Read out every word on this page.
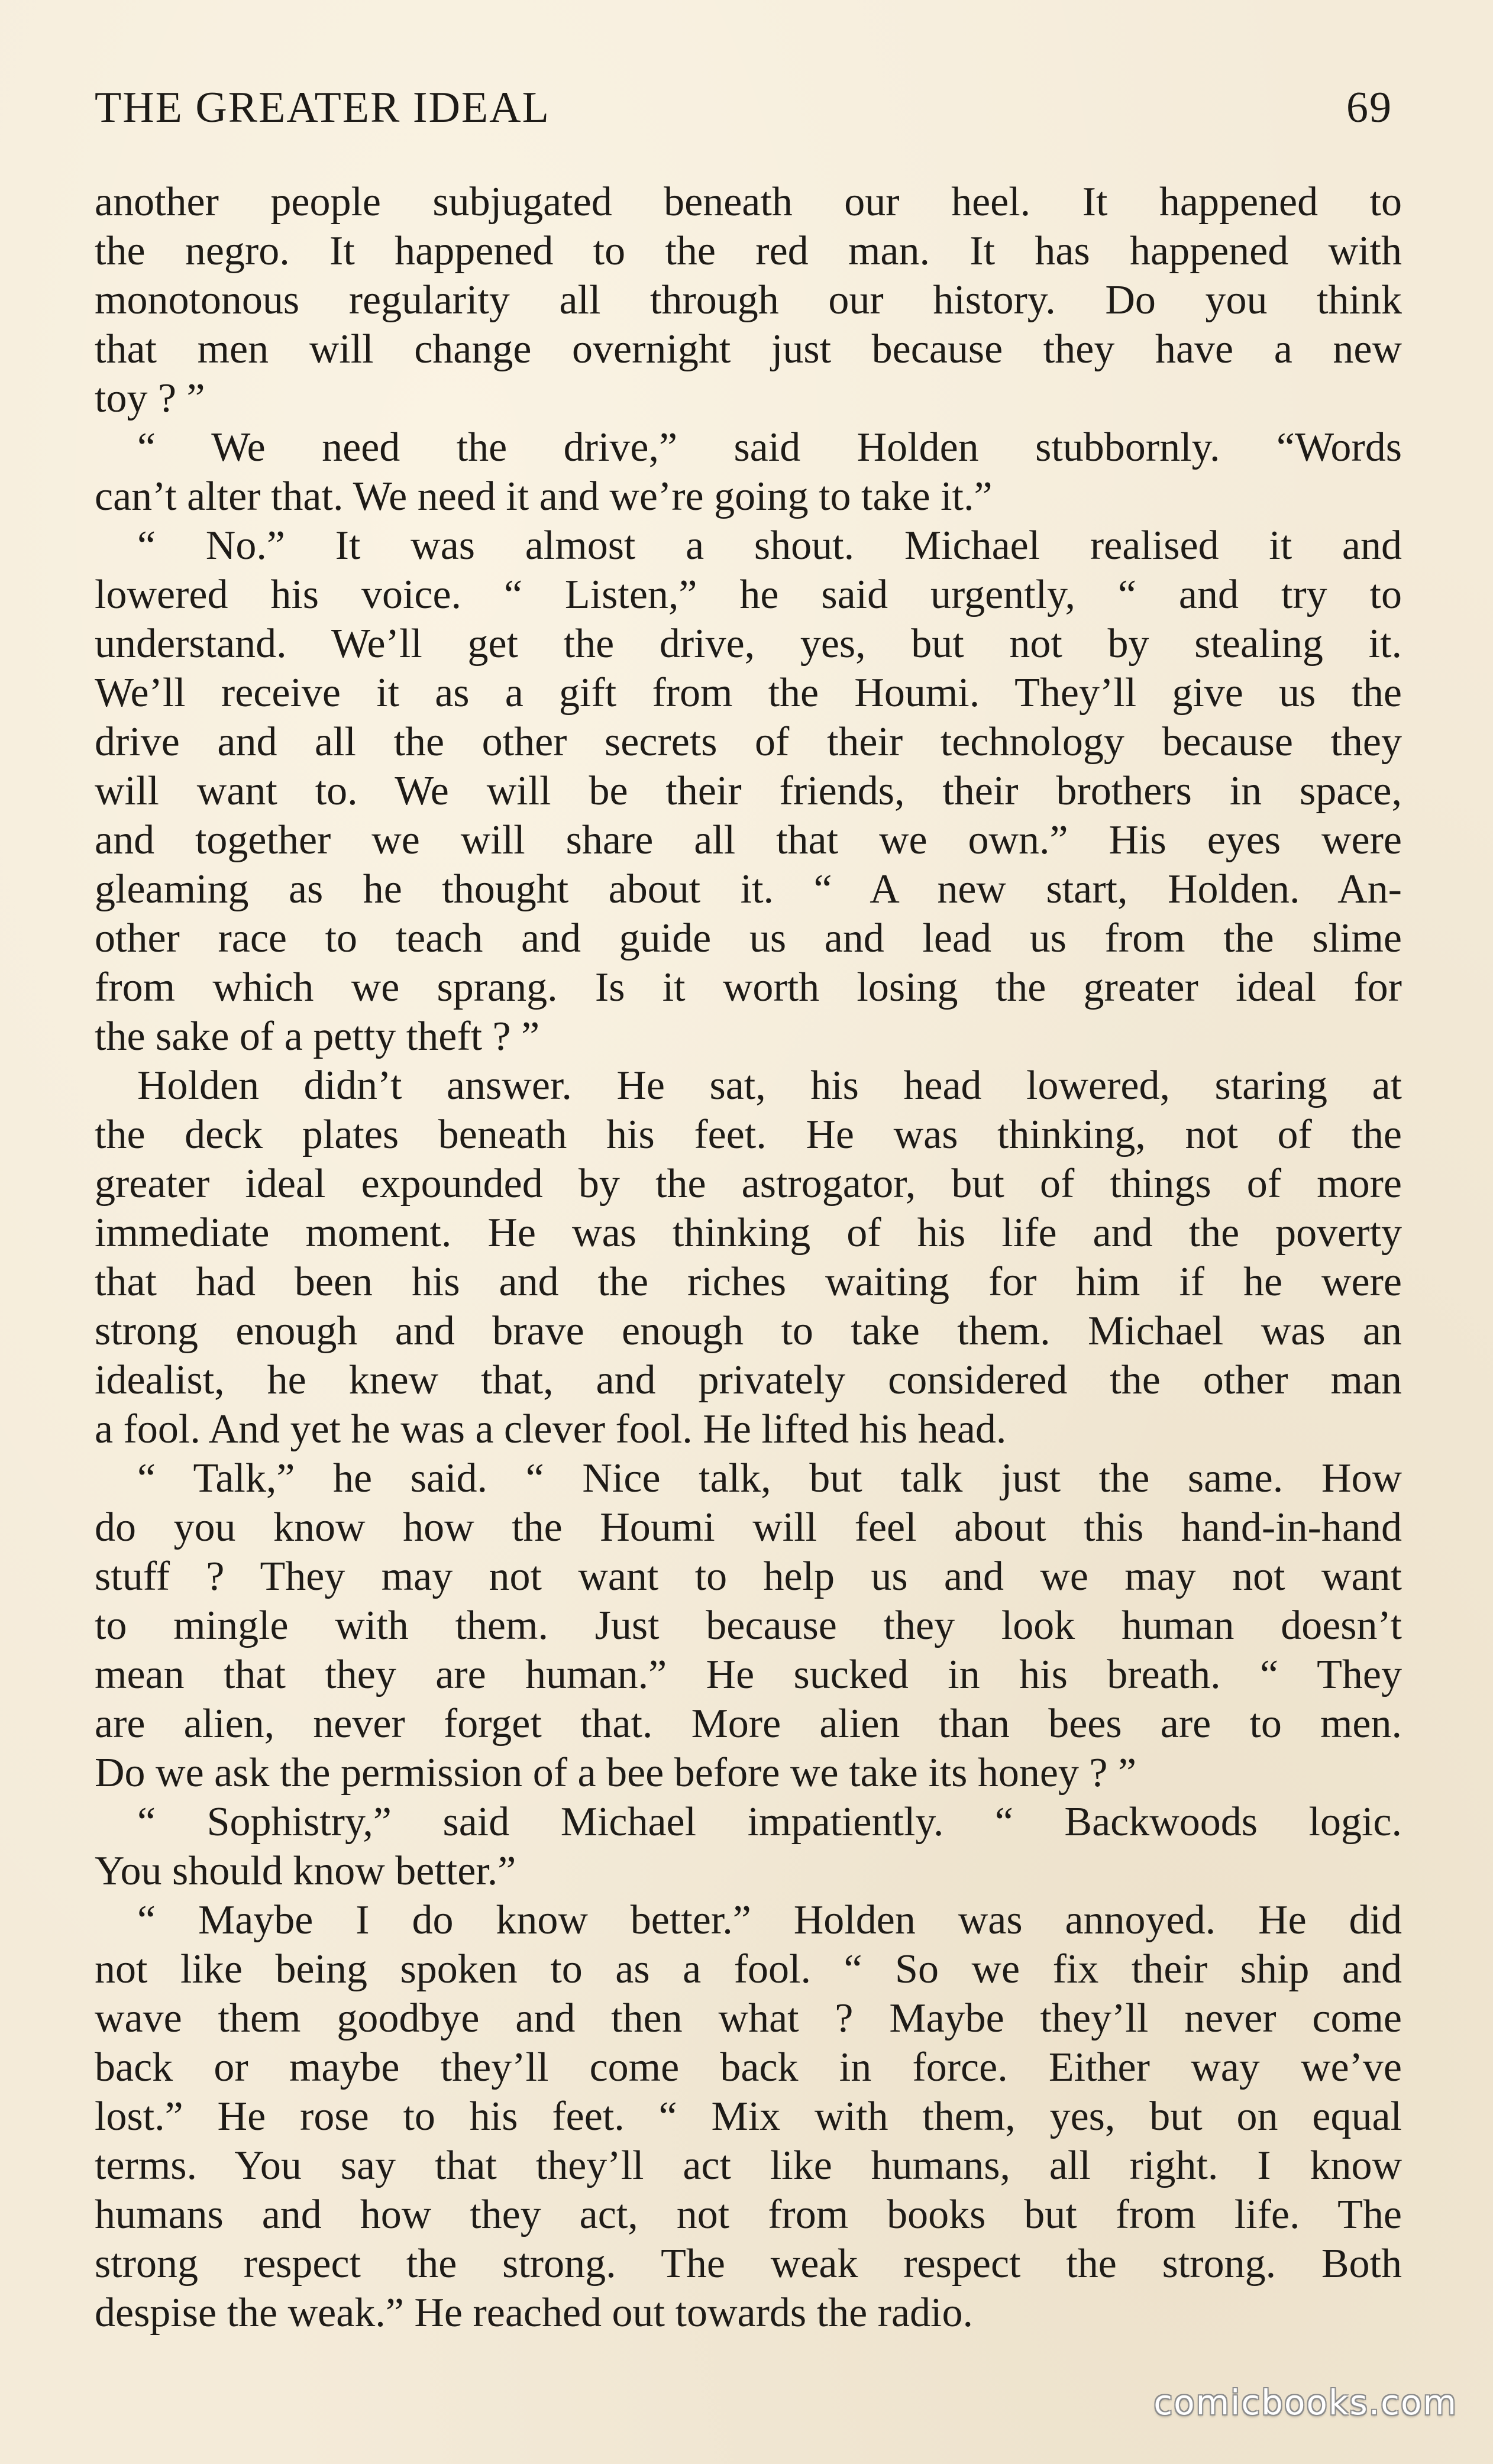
THE GREATER IDEAL	69
another people subjugated beneath our heel. It happened to
the negro. It happened to the red man. It has happened with
monotonous regularity all through our history. Do you think
that men will change overnight just because they have a new
toy ? ”
“ We need the drive,” said Holden stubbornly. “Words
can’t alter that. We need it and we’re going to take it.”
“ No.” It was almost a shout. Michael realised it and
lowered his voice. “ Listen,” he said urgently, “ and try to
understand. We’ll get the drive, yes, but not by stealing it.
We’ll receive it as a gift from the Houmi. They’ll give us the
drive and all the other secrets of their technology because they
will want to. We will be their friends, their brothers in space,
and together we will share all that we own.” His eyes were
gleaming as he thought about it. “ A new start, Holden. An-
other race to teach and guide us and lead us from the slime
from which we sprang. Is it worth losing the greater ideal for
the sake of a petty theft ? ”
Holden didn’t answer. He sat, his head lowered, staring at
the deck plates beneath his feet. He was thinking, not of the
greater ideal expounded by the astrogator, but of things of more
immediate moment. He was thinking of his life and the poverty
that had been his and the riches waiting for him if he were
strong enough and brave enough to take them. Michael was an
idealist, he knew that, and privately considered the other man
a fool. And yet he was a clever fool. He lifted his head.
“ Talk,” he said. “ Nice talk, but talk just the same. How
do you know how the Houmi will feel about this hand-in-hand
stuff ? They may not want to help us and we may not want
to mingle with them. Just because they look human doesn’t
mean that they are human.” He sucked in his breath. “ They
are alien, never forget that. More alien than bees are to men.
Do we ask the permission of a bee before we take its honey ? ”
“ Sophistry,” said Michael impatiently. “ Backwoods logic.
You should know better.”
“ Maybe I do know better.” Holden was annoyed. He did
not like being spoken to as a fool. “ So we fix their ship and
wave them goodbye and then what ? Maybe they’ll never come
back or maybe they’ll come back in force. Either way we’ve
lost.” He rose to his feet. “ Mix with them, yes, but on equal
terms. You say that they’ll act like humans, all right. I know
humans and how they act, not from books but from life. The
strong respect the strong. The weak respect the strong. Both
despise the weak.” He reached out towards the radio.
comicbooks.com
